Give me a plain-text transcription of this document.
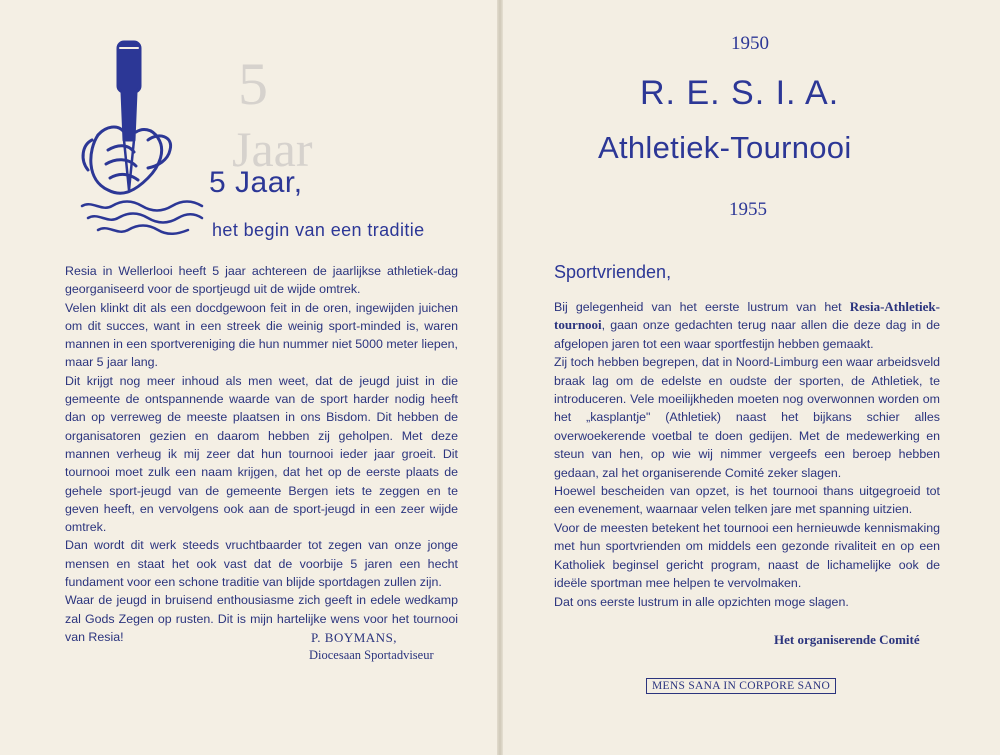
5
Jaar
5 Jaar,
het begin van een traditie

Resia in Wellerlooi heeft 5 jaar achtereen de jaarlijkse athletiek-dag georganiseerd voor de sportjeugd uit de wijde omtrek.

Velen klinkt dit als een docdgewoon feit in de oren, ingewijden juichen om dit succes, want in een streek die weinig sport-minded is, waren mannen in een sportvereniging die hun nummer niet 5000 meter liepen, maar 5 jaar lang.

Dit krijgt nog meer inhoud als men weet, dat de jeugd juist in die gemeente de ontspannende waarde van de sport harder nodig heeft dan op verreweg de meeste plaatsen in ons Bisdom. Dit hebben de organisatoren gezien en daarom hebben zij geholpen. Met deze mannen verheug ik mij zeer dat hun tournooi ieder jaar groeit. Dit tournooi moet zulk een naam krijgen, dat het op de eerste plaats de gehele sport-jeugd van de gemeente Bergen iets te zeggen en te geven heeft, en vervolgens ook aan de sport-jeugd in een zeer wijde omtrek.

Dan wordt dit werk steeds vruchtbaarder tot zegen van onze jonge mensen en staat het ook vast dat de voorbije 5 jaren een hecht fundament voor een schone traditie van blijde sportdagen zullen zijn.

Waar de jeugd in bruisend enthousiasme zich geeft in edele wedkamp zal Gods Zegen op rusten. Dit is mijn hartelijke wens voor het tournooi van Resia!	P. BOYMANS,
Diocesaan Sportadviseur
1950
R. E. S. I. A.
Athletiek-Tournooi
1955
Sportvrienden,

Bij gelegenheid van het eerste lustrum van het Resia-Athletiek-tournooi, gaan onze gedachten terug naar allen die deze dag in de afgelopen jaren tot een waar sportfestijn hebben gemaakt.

Zij toch hebben begrepen, dat in Noord-Limburg een waar arbeidsveld braak lag om de edelste en oudste der sporten, de Athletiek, te introduceren. Vele moeilijkheden moeten nog overwonnen worden om het „kasplantje" (Athletiek) naast het bijkans schier alles overwoekerende voetbal te doen gedijen. Met de medewerking en steun van hen, op wie wij nimmer vergeefs een beroep hebben gedaan, zal het organiserende Comité zeker slagen.

Hoewel bescheiden van opzet, is het tournooi thans uitgegroeid tot een evenement, waarnaar velen telken jare met spanning uitzien.

Voor de meesten betekent het tournooi een hernieuwde kennismaking met hun sportvrienden om middels een gezonde rivaliteit en op een Katholiek beginsel gericht program, naast de lichamelijke ook de ideële sportman mee helpen te vervolmaken.

Dat ons eerste lustrum in alle opzichten moge slagen.

Het organiserende Comité
MENS SANA IN CORPORE SANO
